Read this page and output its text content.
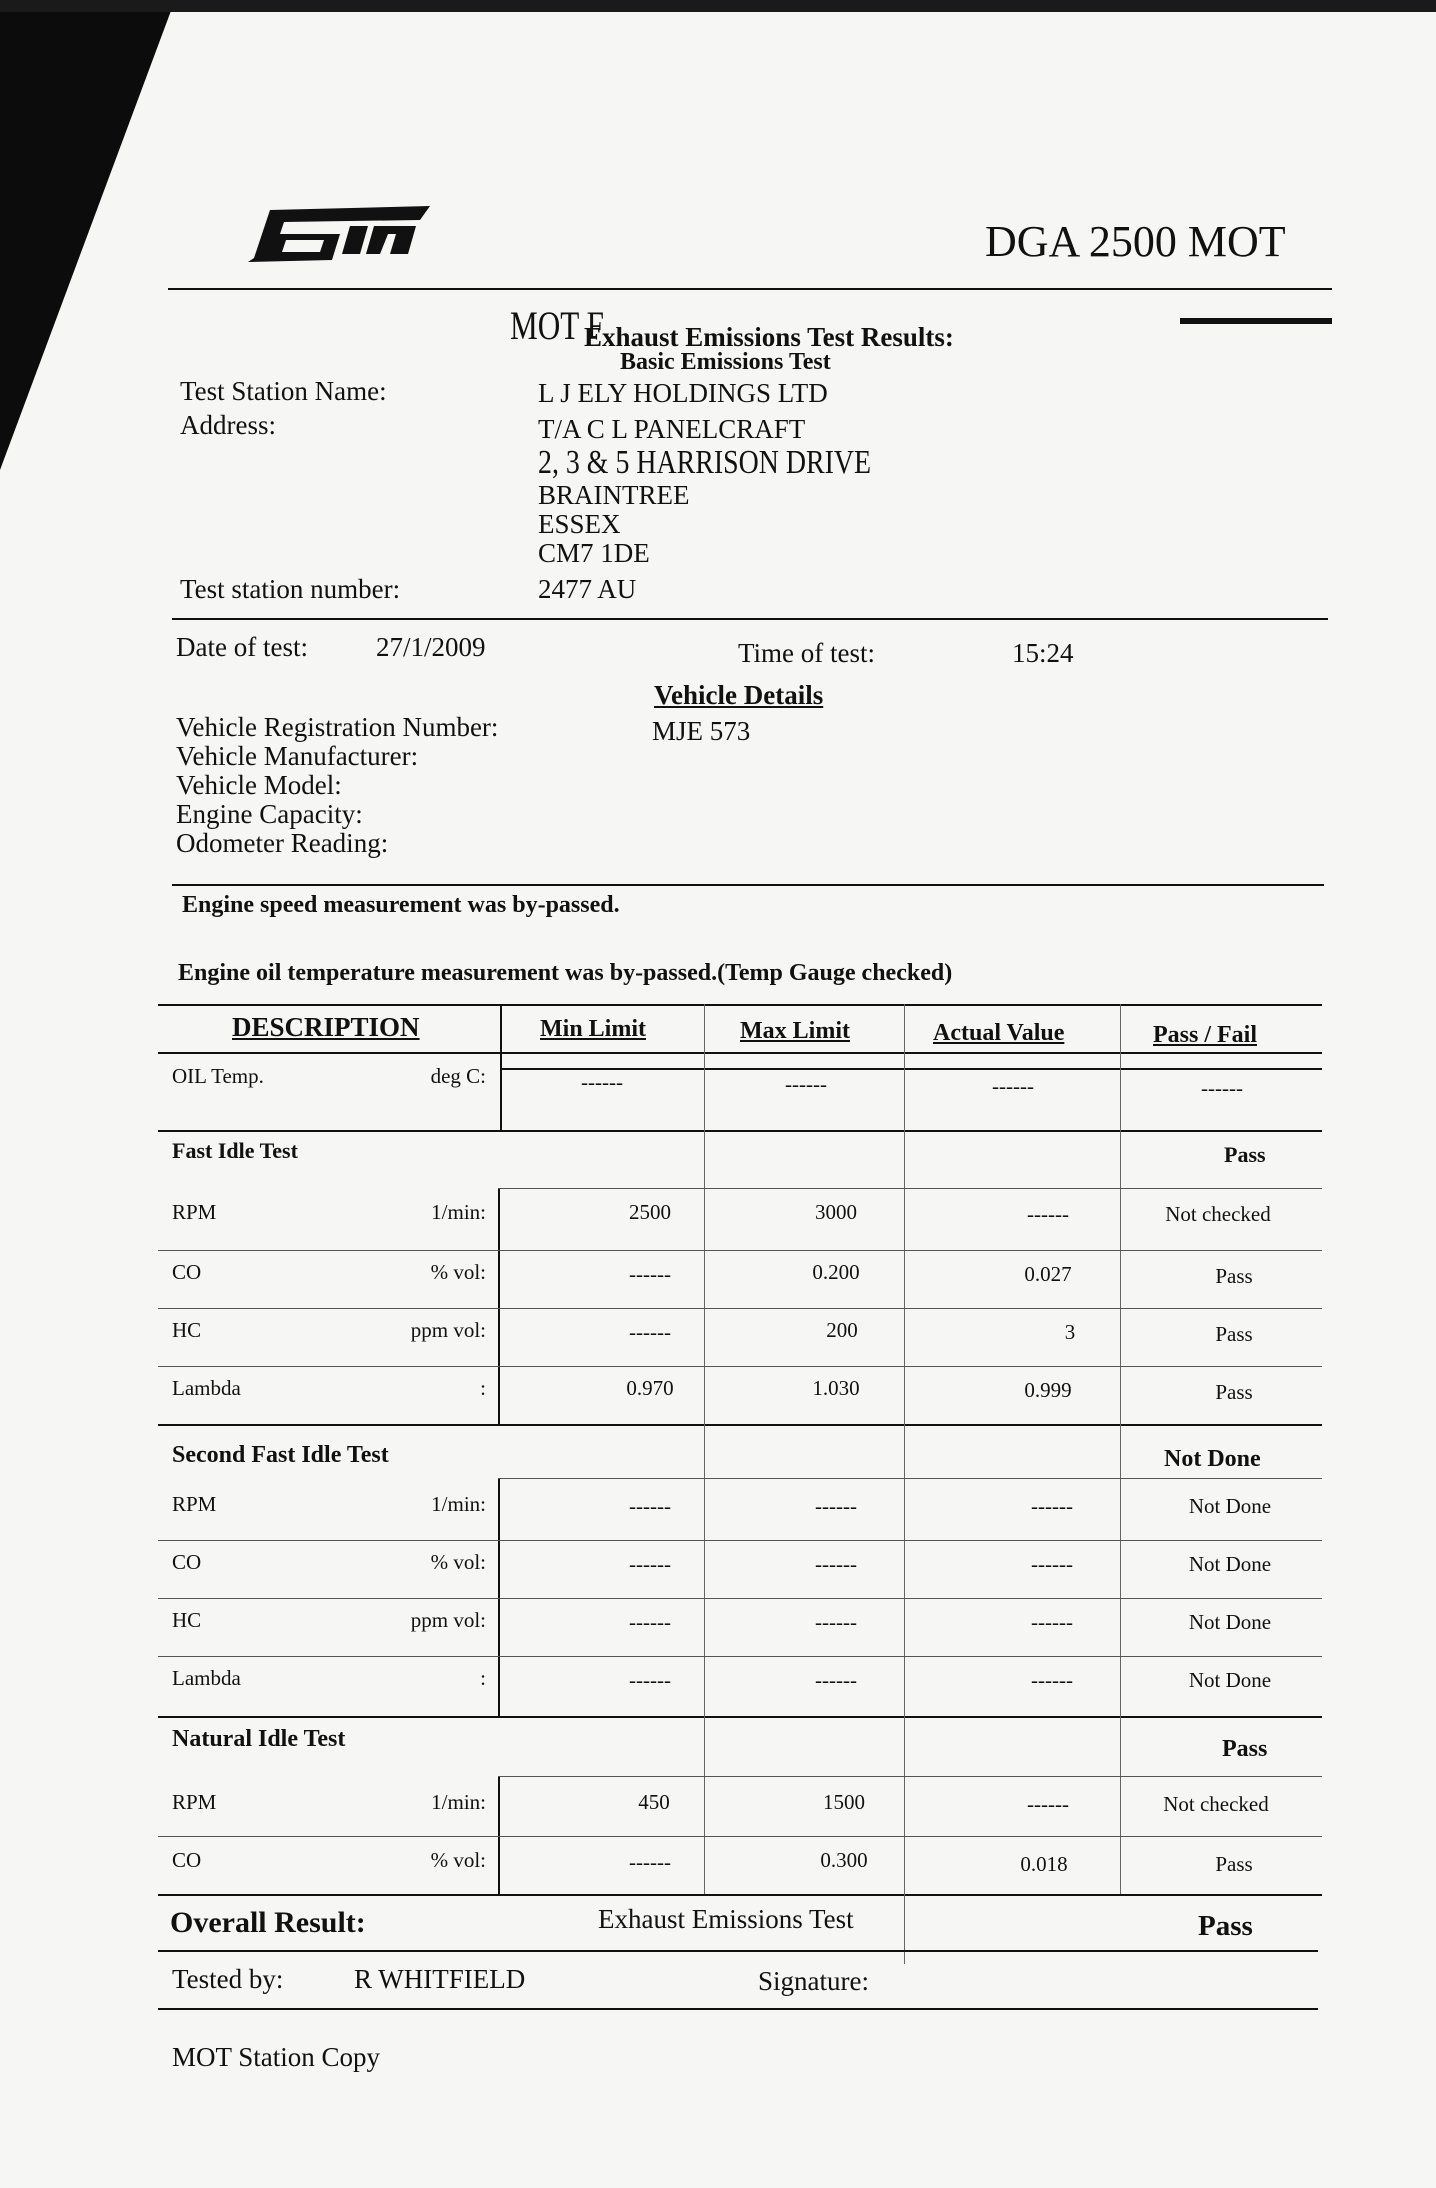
DGA 2500 MOT
MOT F
Exhaust Emissions Test Results:
Basic Emissions Test
Test Station Name:	L J ELY HOLDINGS LTD
Address:	T/A C L PANELCRAFT
2, 3 & 5 HARRISON DRIVE
BRAINTREE
ESSEX
CM7 1DE
Test station number:	2477 AU
Date of test:	27/1/2009	Time of test:	15:24
Vehicle Details
Vehicle Registration Number:	MJE 573
Vehicle Manufacturer:
Vehicle Model:
Engine Capacity:
Odometer Reading:
Engine speed measurement was by-passed.
Engine oil temperature measurement was by-passed.(Temp Gauge checked)
DESCRIPTION	Min Limit	Max Limit	Actual Value	Pass / Fail
OIL Temp.	deg C:	------	------	------	------
Fast Idle Test	Pass
RPM	1/min:	2500	3000	------	Not checked
CO	% vol:	------	0.200	0.027	Pass
HC	ppm vol:	------	200	3	Pass
Lambda	:	0.970	1.030	0.999	Pass
Second Fast Idle Test	Not Done
RPM	1/min:	------	------	------	Not Done
CO	% vol:	------	------	------	Not Done
HC	ppm vol:	------	------	------	Not Done
Lambda	:	------	------	------	Not Done
Natural Idle Test	Pass
RPM	1/min:	450	1500	------	Not checked
CO	% vol:	------	0.300	0.018	Pass
Overall Result:	Exhaust Emissions Test	Pass
Tested by:	R WHITFIELD	Signature:
MOT Station Copy
